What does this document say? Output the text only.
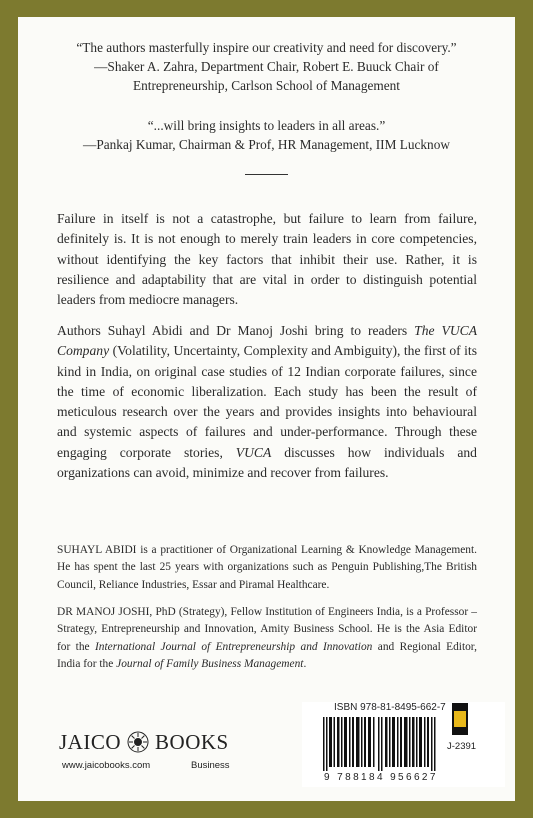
“The authors masterfully inspire our creativity and need for discovery.”

—Shaker A. Zahra, Department Chair, Robert E. Buuck Chair of

Entrepreneurship, Carlson School of Management

“...will bring insights to leaders in all areas.”

—Pankaj Kumar, Chairman & Prof, HR Management, IIM Lucknow

Failure in itself is not a catastrophe, but failure to learn from failure, definitely is. It is not enough to merely train leaders in core competencies, without identifying the key factors that inhibit their use. Rather, it is resilience and adaptability that are vital in order to distinguish potential leaders from mediocre managers.

Authors Suhayl Abidi and Dr Manoj Joshi bring to readers The VUCA Company (Volatility, Uncertainty, Complexity and Ambiguity), the first of its kind in India, on original case studies of 12 Indian corporate failures, since the time of economic liberalization. Each study has been the result of meticulous research over the years and provides insights into behavioural and systemic aspects of failures and under-performance. Through these engaging corporate stories, VUCA discusses how individuals and organizations can avoid, minimize and recover from failures.

SUHAYL ABIDI is a practitioner of Organizational Learning & Knowledge Management. He has spent the last 25 years with organizations such as Penguin Publishing,The British Council, Reliance Industries, Essar and Piramal Healthcare.

DR MANOJ JOSHI, PhD (Strategy), Fellow Institution of Engineers India, is a Professor – Strategy, Entrepreneurship and Innovation, Amity Business School. He is the Asia Editor for the International Journal of Entrepreneurship and Innovation and Regional Editor, India for the Journal of Family Business Management.

JAICO BOOKS
www.jaicobooks.com	Business
ISBN 978-81-8495-662-7
9 788184 956627
J-2391
